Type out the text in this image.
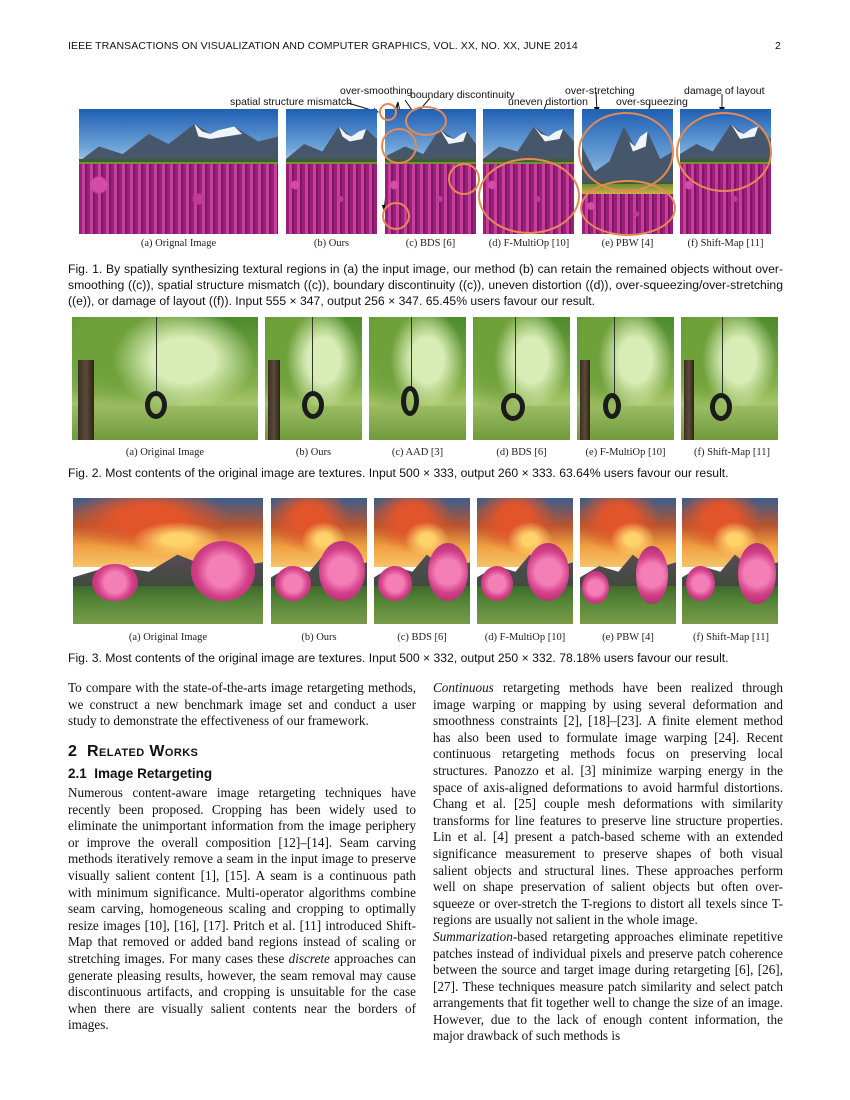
IEEE TRANSACTIONS ON VISUALIZATION AND COMPUTER GRAPHICS, VOL. XX, NO. XX, JUNE 2014	2
over-smoothing
boundary discontinuity
spatial structure mismatch
over-stretching
uneven distortion	over-squeezing
damage of layout
(a) Orignal Image	(b) Ours	(c) BDS [6]	(d) F-MultiOp [10]	(e) PBW [4]	(f) Shift-Map [11]
Fig. 1. By spatially synthesizing textural regions in (a) the input image, our method (b) can retain the remained objects without over-smoothing ((c)), spatial structure mismatch ((c)), boundary discontinuity ((c)), uneven distortion ((d)), over-squeezing/over-stretching ((e)), or damage of layout ((f)). Input 555 × 347, output 256 × 347. 65.45% users favour our result.
(a) Original Image	(b) Ours	(c) AAD [3]	(d) BDS [6]	(e) F-MultiOp [10]	(f) Shift-Map [11]
Fig. 2. Most contents of the original image are textures. Input 500 × 333, output 260 × 333. 63.64% users favour our result.
(a) Original Image	(b) Ours	(c) BDS [6]	(d) F-MultiOp [10]	(e) PBW [4]	(f) Shift-Map [11]
Fig. 3. Most contents of the original image are textures. Input 500 × 332, output 250 × 332. 78.18% users favour our result.

To compare with the state-of-the-arts image retargeting methods, we construct a new benchmark image set and conduct a user study to demonstrate the effectiveness of our framework.

2 Related Works
2.1 Image Retargeting

Numerous content-aware image retargeting techniques have recently been proposed. Cropping has been widely used to eliminate the unimportant information from the image periphery or improve the overall composition [12]–[14]. Seam carving methods iteratively remove a seam in the input image to preserve visually salient content [1], [15]. A seam is a continuous path with minimum significance. Multi-operator algorithms combine seam carving, homogeneous scaling and cropping to optimally resize images [10], [16], [17]. Pritch et al. [11] introduced Shift-Map that removed or added band regions instead of scaling or stretching images. For many cases these discrete approaches can generate pleasing results, however, the seam removal may cause discontinuous artifacts, and cropping is unsuitable for the case when there are visually salient contents near the borders of images.

Continuous retargeting methods have been realized through image warping or mapping by using several deformation and smoothness constraints [2], [18]–[23]. A finite element method has also been used to formulate image warping [24]. Recent continuous retargeting methods focus on preserving local structures. Panozzo et al. [3] minimize warping energy in the space of axis-aligned deformations to avoid harmful distortions. Chang et al. [25] couple mesh deformations with similarity transforms for line features to preserve line structure properties. Lin et al. [4] present a patch-based scheme with an extended significance measurement to preserve shapes of both visual salient objects and structural lines. These approaches perform well on shape preservation of salient objects but often over-squeeze or over-stretch the T-regions to distort all texels since T-regions are usually not salient in the whole image.

Summarization-based retargeting approaches eliminate repetitive patches instead of individual pixels and preserve patch coherence between the source and target image during retargeting [6], [26], [27]. These techniques measure patch similarity and select patch arrangements that fit together well to change the size of an image. However, due to the lack of enough content information, the major drawback of such methods is
